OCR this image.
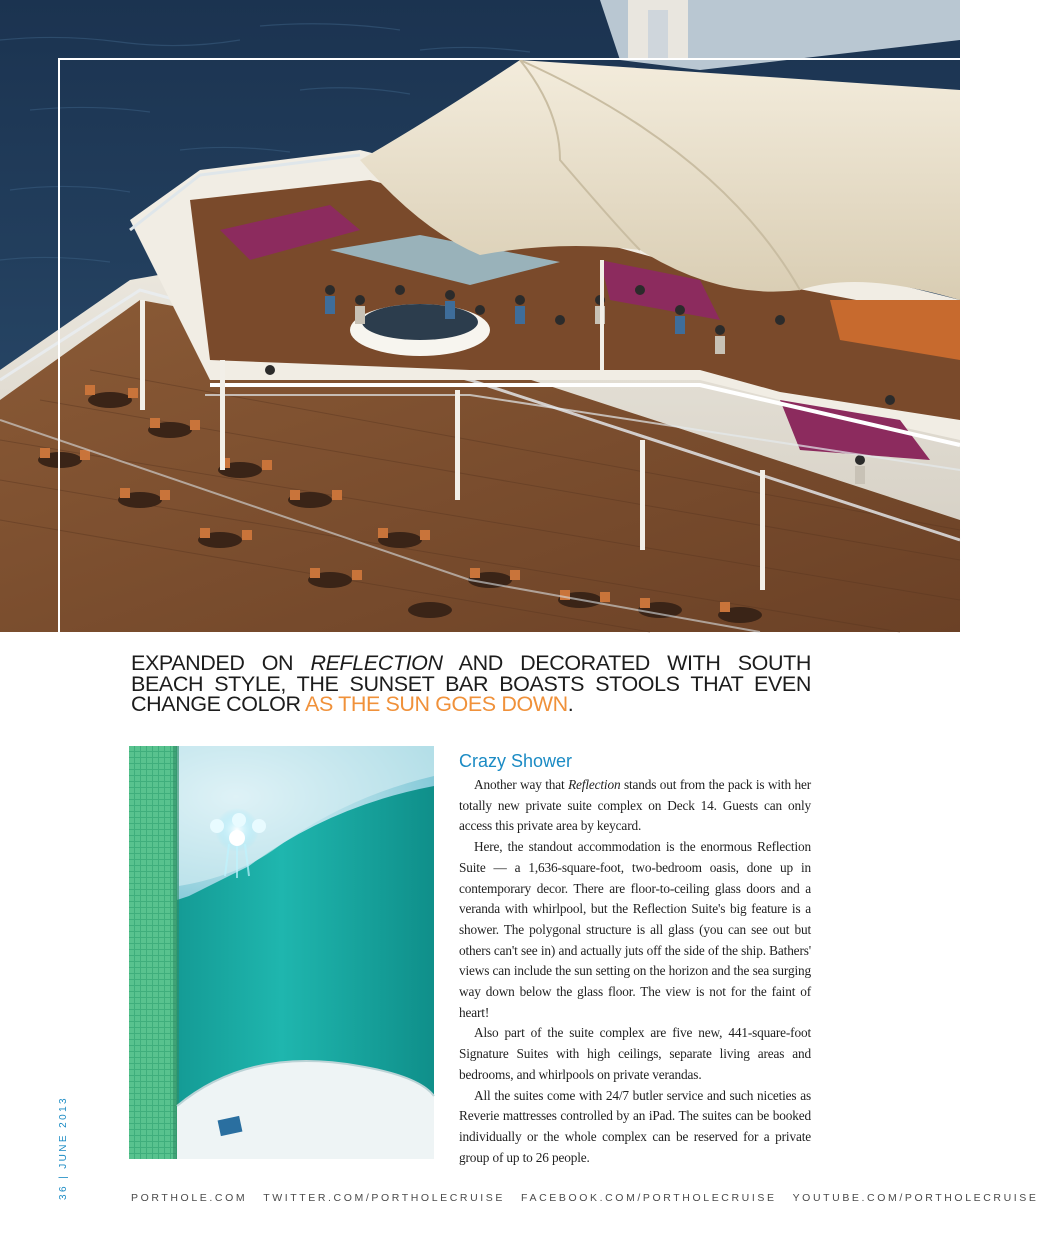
EXPANDED ON REFLECTION AND DECORATED WITH SOUTH BEACH STYLE, THE SUNSET BAR BOASTS STOOLS THAT EVEN CHANGE COLOR AS THE SUN GOES DOWN.
Crazy Shower

Another way that Reflection stands out from the pack is with her totally new private suite complex on Deck 14. Guests can only access this private area by keycard.

Here, the standout accommodation is the enormous Reflection Suite — a 1,636-square-foot, two-bedroom oasis, done up in contemporary decor. There are floor-to-ceiling glass doors and a veranda with whirlpool, but the Reflection Suite's big feature is a shower. The polygonal structure is all glass (you can see out but others can't see in) and actually juts off the side of the ship. Bathers' views can include the sun setting on the horizon and the sea surging way down below the glass floor. The view is not for the faint of heart!

Also part of the suite complex are five new, 441-square-foot Signature Suites with high ceilings, separate living areas and bedrooms, and whirlpools on private verandas.

All the suites come with 24/7 butler service and such niceties as Reverie mattresses controlled by an iPad. The suites can be booked individually or the whole complex can be reserved for a private group of up to 26 people.

36 | JUNE 2013	PORTHOLE.COM TWITTER.COM/PORTHOLECRUISE FACEBOOK.COM/PORTHOLECRUISE YOUTUBE.COM/PORTHOLECRUISE
